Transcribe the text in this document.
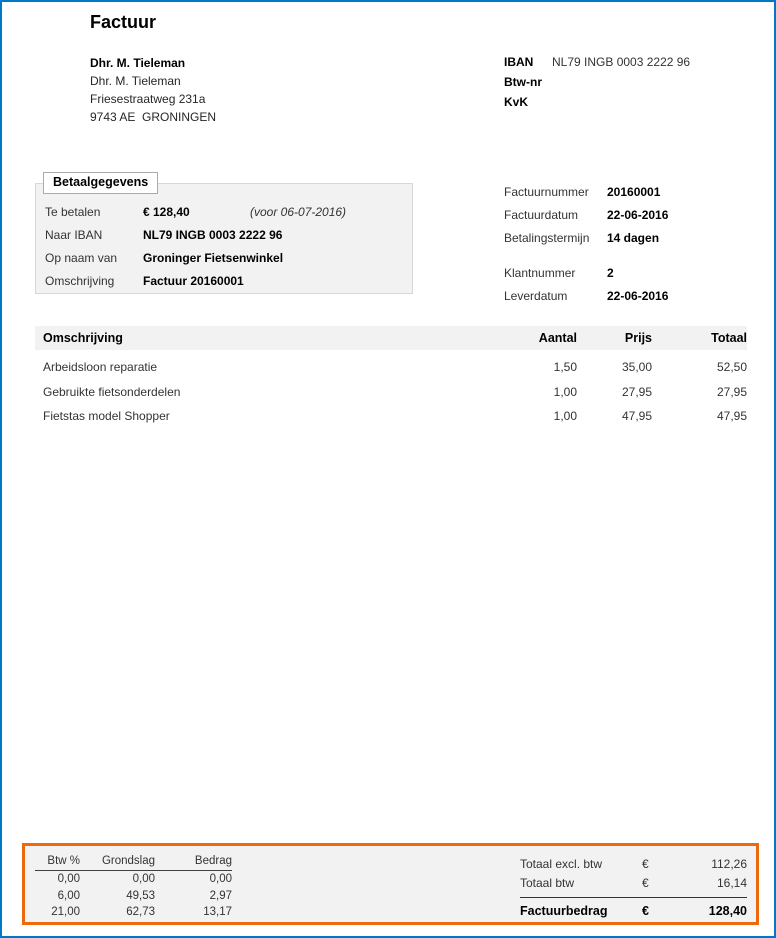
Factuur
Dhr. M. Tieleman
Dhr. M. Tieleman
Friesestraatweg 231a
9743 AE  GRONINGEN
IBAN	NL79 INGB 0003 2222 96
Btw-nr
KvK
Betaalgegevens
Te betalen	€ 128,40	(voor 06-07-2016)
Naar IBAN	NL79 INGB 0003 2222 96
Op naam van	Groninger Fietsenwinkel
Omschrijving	Factuur 20160001
Factuurnummer	20160001
Factuurdatum	22-06-2016
Betalingstermijn	14 dagen
Klantnummer	2
Leverdatum	22-06-2016
Omschrijving	Aantal	Prijs	Totaal
Arbeidsloon reparatie	1,50	35,00	52,50
Gebruikte fietsonderdelen	1,00	27,95	27,95
Fietstas model Shopper	1,00	47,95	47,95
Btw %	Grondslag	Bedrag
0,00	0,00	0,00
6,00	49,53	2,97
21,00	62,73	13,17
Totaal excl. btw	€	112,26
Totaal btw	€	16,14
Factuurbedrag	€	128,40
